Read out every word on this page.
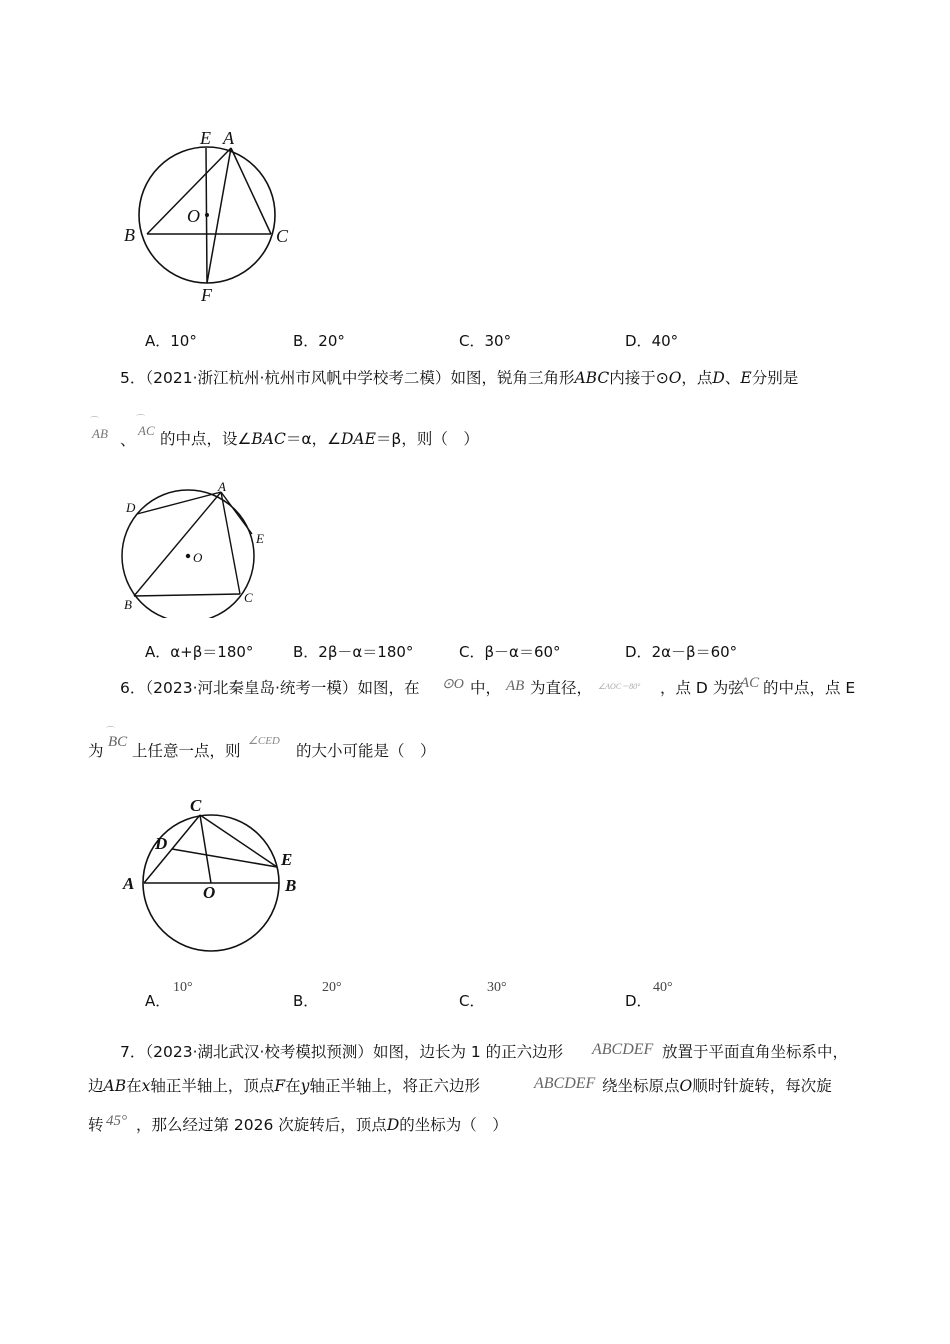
E A
O
B	C
F
A．10°	B．20°	C．30°	D．40°
5．（2021·浙江杭州·杭州市风帆中学校考二模）如图，锐角三角形ABC内接于⊙O，点D、E分别是
⌒
AB 、
⌒
AC 的中点，设∠BAC＝α，∠DAE＝β，则（　）
D
A
E
O
B	C
A．α+β＝180°	B．2β－α＝180°	C．β－α＝60°	D．2α－β＝60°
6．（2023·河北秦皇岛·统考一模）如图，在 ⊙O 中， AB 为直径， ∠AOC＝80° ，点 D 为弦
AC 的中点，点 E
为
⌒
BC 上任意一点，则
∠CED
的大小可能是（　）
C
D
E
A	O	B
A．
10°
B．
20°
C．
30°
D．
40°
7．（2023·湖北武汉·校考模拟预测）如图，边长为 1 的正六边形 ABCDEF 放置于平面直角坐标系中，
边AB在x轴正半轴上，顶点F在y轴正半轴上，将正六边形	ABCDEF 绕坐标原点O顺时针旋转，每次旋
转 45° ，那么经过第 2026 次旋转后，顶点D的坐标为（　）
